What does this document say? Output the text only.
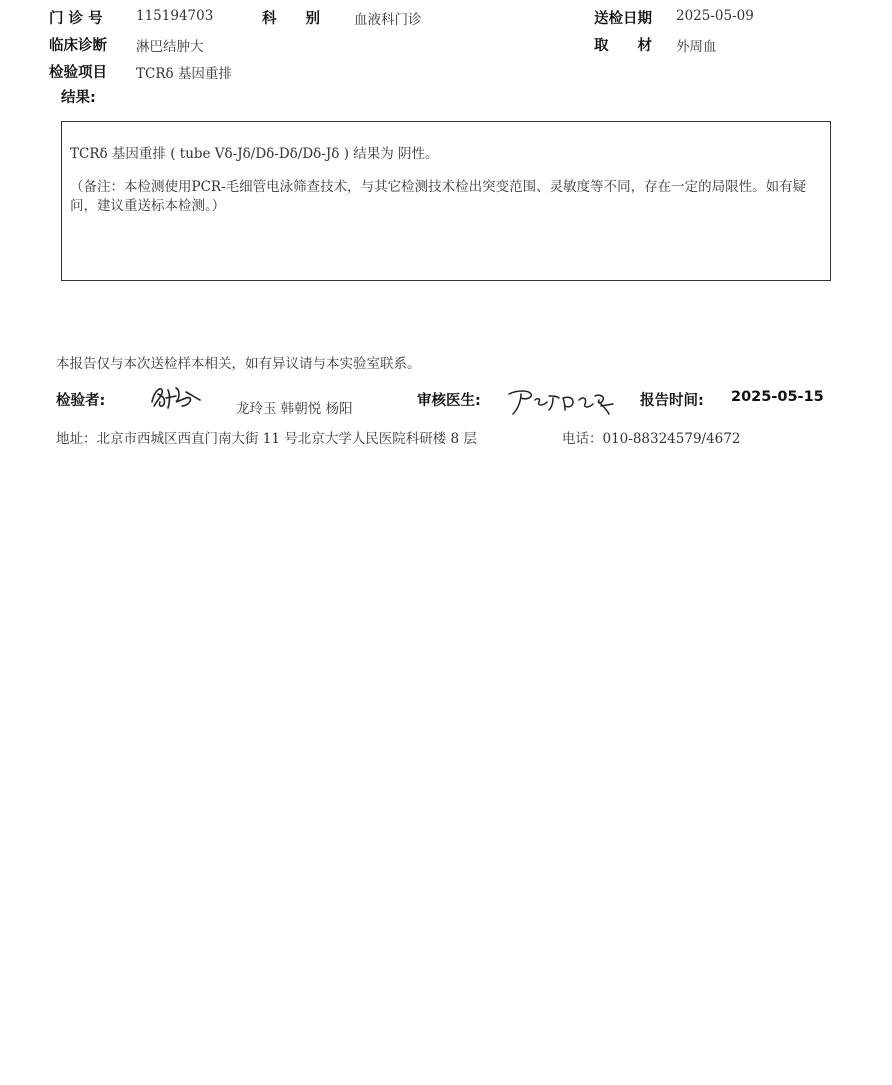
门 诊 号 115194703	科　　别	血液科门诊	送检日期 2025-05-09
临床诊断 淋巴结肿大	取　　材 外周血
检验项目 TCRδ 基因重排
结果:
TCRδ 基因重排 ( tube Vδ-Jδ/Dδ-Dδ/Dδ-Jδ ) 结果为 阴性。
（备注：本检测使用PCR-毛细管电泳筛查技术，与其它检测技术检出突变范围、灵敏度等不同，存在一定的局限性。如有疑问，建议重送标本检测。）
本报告仅与本次送检样本相关，如有异议请与本实验室联系。
检验者:	龙玲玉 韩朝悦 杨阳	审核医生:	报告时间: 2025-05-15
地址：北京市西城区西直门南大街 11 号北京大学人民医院科研楼 8 层	电话：010-88324579/4672
